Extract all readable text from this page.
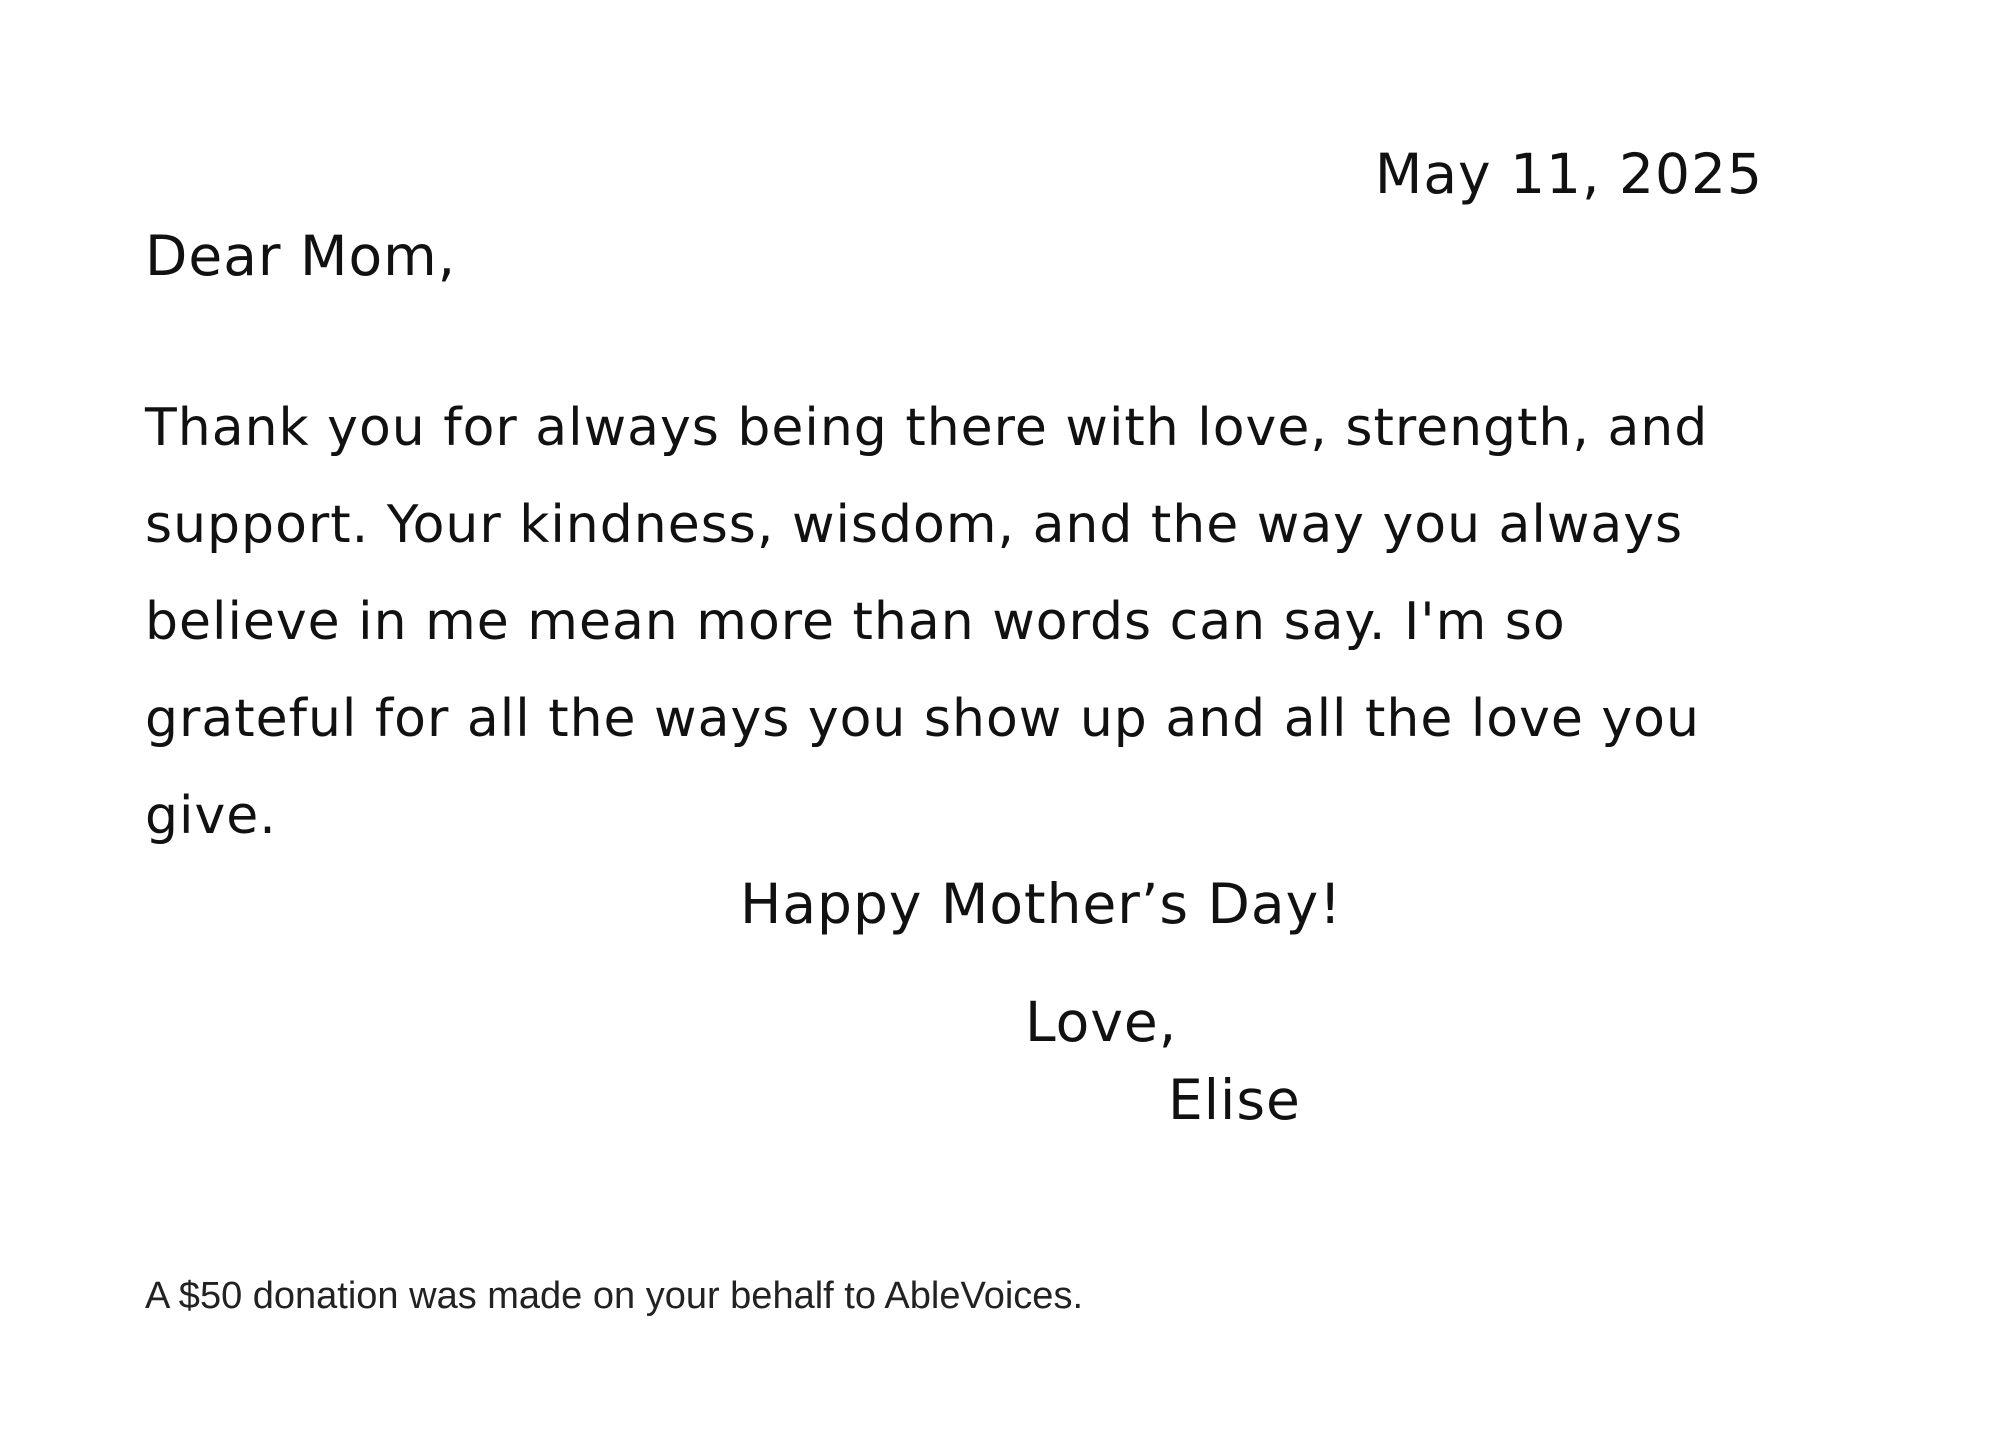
May 11, 2025
Dear Mom,

Thank you for always being there with love, strength, and
support. Your kindness, wisdom, and the way you always
believe in me mean more than words can say. I'm so
grateful for all the ways you show up and all the love you
give.

Happy Mother’s Day!
Love,
Elise
A $50 donation was made on your behalf to AbleVoices.
